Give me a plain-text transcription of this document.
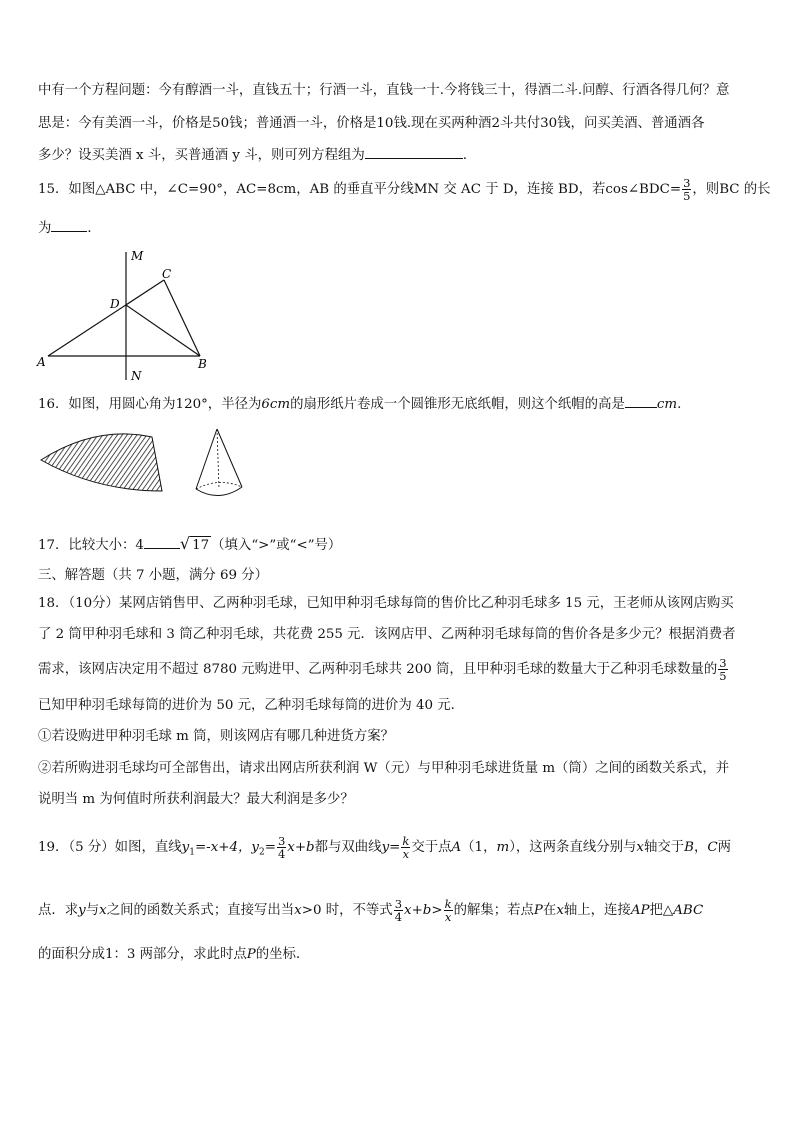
中有一个方程问题：今有醇酒一斗，直钱五十；行酒一斗，直钱一十.今将钱三十，得酒二斗.问醇、行酒各得几何？意
思是：今有美酒一斗，价格是50钱；普通酒一斗，价格是10钱.现在买两种酒2斗共付30钱，问买美酒、普通酒各
多少？设买美酒 x 斗，买普通酒 y 斗，则可列方程组为	.
15．如图△ABC 中，∠C=90°，AC=8cm，AB 的垂直平分线MN 交 AC 于 D，连接 BD，若cos∠BDC= $\frac{3}{5}$ ，则BC 的长
为	．
M
C
D
A	B
N
16．如图，用圆心角为120°，半径为6cm的扇形纸片卷成一个圆锥形无底纸帽，则这个纸帽的高是 cm.
17．比较大小：4 √ 17 （填入“>”或“<”号）
三、解答题（共 7 小题，满分 69 分）
18．（10分）某网店销售甲、乙两种羽毛球，已知甲种羽毛球每筒的售价比乙种羽毛球多 15 元，王老师从该网店购买
了 2 筒甲种羽毛球和 3 筒乙种羽毛球，共花费 255 元．该网店甲、乙两种羽毛球每筒的售价各是多少元？根据消费者
需求，该网店决定用不超过 8780 元购进甲、乙两种羽毛球共 200 筒，且甲种羽毛球的数量大于乙种羽毛球数量的 $\frac{3}{5}$
已知甲种羽毛球每筒的进价为 50 元，乙种羽毛球每筒的进价为 40 元．
①若设购进甲种羽毛球 m 筒，则该网店有哪几种进货方案？
②若所购进羽毛球均可全部售出，请求出网店所获利润 W（元）与甲种羽毛球进货量 m（筒）之间的函数关系式，并
说明当 m 为何值时所获利润最大？最大利润是多少？
19．（5 分）如图，直线$y_1=-x+4$，$y_2= \frac{3}{4} x+b$都与双曲线$y= \frac{k}{x}$ 交于点A（1，m），这两条直线分别与x轴交于B，C两
点．求y与x之间的函数关系式；直接写出当x>0 时，不等式 $\frac{3}{4} x+b> \frac{k}{x}$ 的解集；若点P在x轴上，连接AP把△ABC
的面积分成1：3 两部分，求此时点P的坐标．
